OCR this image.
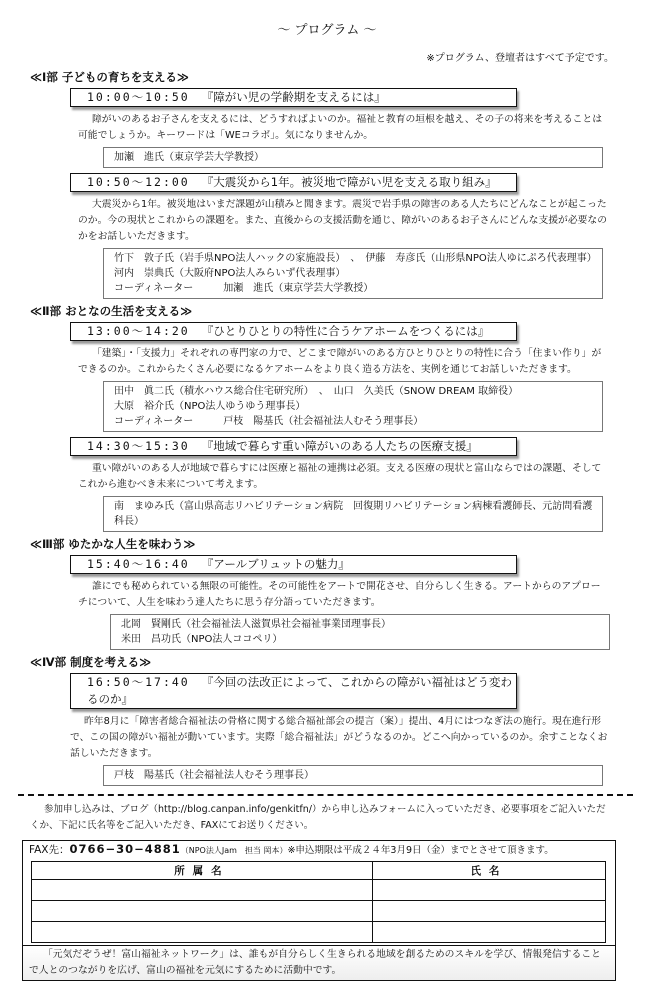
～ プログラム ～
※プログラム、登壇者はすべて予定です。
≪Ⅰ部 子どもの育ちを支える≫
10:00～10:50 『障がい児の学齢期を支えるには』
障がいのあるお子さんを支えるには、どうすればよいのか。福祉と教育の垣根を越え、その子の将来を考えることは可能でしょうか。キーワードは「WEコラボ」。気になりませんか。
加瀬　進氏（東京学芸大学教授）
10:50～12:00 『大震災から1年。被災地で障がい児を支える取り組み』
大震災から1年。被災地はいまだ課題が山積みと聞きます。震災で岩手県の障害のある人たちにどんなことが起こったのか。今の現状とこれからの課題を。また、直後からの支援活動を通じ、障がいのあるお子さんにどんな支援が必要なのかをお話しいただきます。
竹下　敦子氏（岩手県NPO法人ハックの家施設長）　、　伊藤　寿彦氏（山形県NPO法人ゆにぷろ代表理事）
河内　崇典氏（大阪府NPO法人みらいず代表理事）
コーディネーター　　　加瀬　進氏（東京学芸大学教授）
≪Ⅱ部 おとなの生活を支える≫
13:00～14:20 『ひとりひとりの特性に合うケアホームをつくるには』
「建築」・「支援力」それぞれの専門家の力で、どこまで障がいのある方ひとりひとりの特性に合う「住まい作り」ができるのか。これからたくさん必要になるケアホームをより良く造る方法を、実例を通じてお話しいただきます。
田中　眞二氏（積水ハウス総合住宅研究所）　、　山口　久美氏（SNOW DREAM 取締役）
大原　裕介氏（NPO法人ゆうゆう理事長）
コーディネーター　　　戸枝　陽基氏（社会福祉法人むそう理事長）
14:30～15:30 『地域で暮らす重い障がいのある人たちの医療支援』
重い障がいのある人が地域で暮らすには医療と福祉の連携は必須。支える医療の現状と富山ならではの課題、そしてこれから進むべき未来について考えます。
南　まゆみ氏（富山県高志リハビリテーション病院　回復期リハビリテーション病棟看護師長、元訪問看護科長）
≪Ⅲ部 ゆたかな人生を味わう≫
15:40～16:40 『アールブリュットの魅力』
誰にでも秘められている無限の可能性。その可能性をアートで開花させ、自分らしく生きる。アートからのアプローチについて、人生を味わう達人たちに思う存分語っていただきます。
北岡　賢剛氏（社会福祉法人滋賀県社会福祉事業団理事長）
米田　昌功氏（NPO法人ココペリ）
≪Ⅳ部 制度を考える≫
16:50～17:40 『今回の法改正によって、これからの障がい福祉はどう変わるのか』
昨年8月に「障害者総合福祉法の骨格に関する総合福祉部会の提言（案）」提出、4月にはつなぎ法の施行。現在進行形で、この国の障がい福祉が動いています。実際「総合福祉法」がどうなるのか。どこへ向かっているのか。余すことなくお話しいただきます。
戸枝　陽基氏（社会福祉法人むそう理事長）
参加申し込みは、ブログ（http://blog.canpan.info/genkitfn/）から申し込みフォームに入っていただき、必要事項をご記入いただくか、下記に氏名等をご記入いただき、FAXにてお送りください。
FAX先：0766−30−4881（NPO法人Jam　担当 岡本）※申込期限は平成２４年3月9日（金）までとさせて頂きます。
所属名	氏名

「元気だぞうぜ！富山福祉ネットワーク」は、誰もが自分らしく生きられる地域を創るためのスキルを学び、情報発信することで人とのつながりを広げ、富山の福祉を元気にするために活動中です。
